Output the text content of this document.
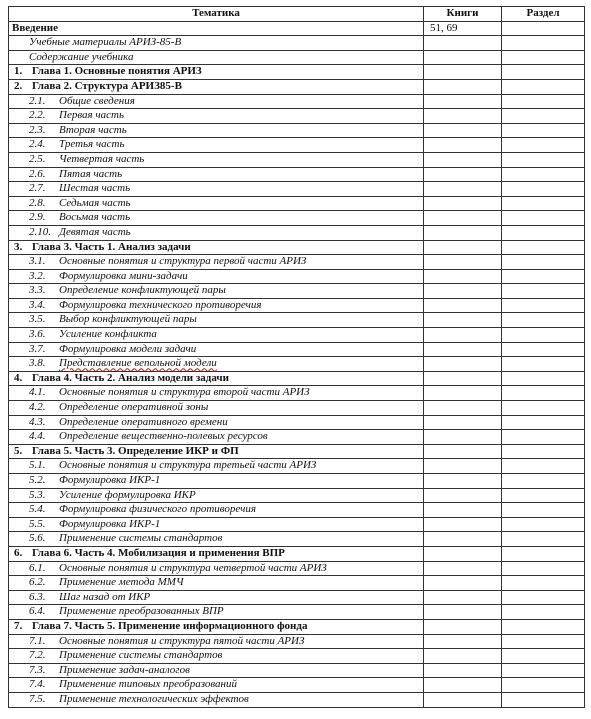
Тематика	Книги	Раздел
Введение	51, 69	
Учебные материалы АРИЗ-85-В		
Содержание учебника		
1. Глава 1. Основные понятия АРИЗ		
2. Глава 2. Структура АРИЗ85-В		
2.1. Общие сведения		
2.2. Первая часть		
2.3. Вторая часть		
2.4. Третья часть		
2.5. Четвертая часть		
2.6. Пятая часть		
2.7. Шестая часть		
2.8. Седьмая часть		
2.9. Восьмая часть		
2.10. Девятая часть		
3. Глава 3. Часть 1. Анализ задачи		
3.1. Основные понятия и структура первой части АРИЗ		
3.2. Формулировка мини-задачи		
3.3. Определение конфликтующей пары		
3.4. Формулировка технического противоречия		
3.5. Выбор конфликтующей пары		
3.6. Усиление конфликта		
3.7. Формулировка модели задачи		
3.8. Представление вепольной модели		
4. Глава 4. Часть 2. Анализ модели задачи		
4.1. Основные понятия и структура второй части АРИЗ		
4.2. Определение оперативной зоны		
4.3. Определение оперативного времени		
4.4. Определение вещественно-полевых ресурсов		
5. Глава 5. Часть 3. Определение ИКР и ФП		
5.1. Основные понятия и структура третьей части АРИЗ		
5.2. Формулировка ИКР-1		
5.3. Усиление формулировка ИКР		
5.4. Формулировка физического противоречия		
5.5. Формулировка ИКР-1		
5.6. Применение системы стандартов		
6. Глава 6. Часть 4. Мобилизация и применения ВПР		
6.1. Основные понятия и структура четвертой части АРИЗ		
6.2. Применение метода ММЧ		
6.3. Шаг назад от ИКР		
6.4. Применение преобразованных ВПР		
7. Глава 7. Часть 5. Применение информационного фонда		
7.1. Основные понятия и структура пятой части АРИЗ		
7.2. Применение системы стандартов		
7.3. Применение задач-аналогов		
7.4. Применение типовых преобразований		
7.5. Применение технологических эффектов		
